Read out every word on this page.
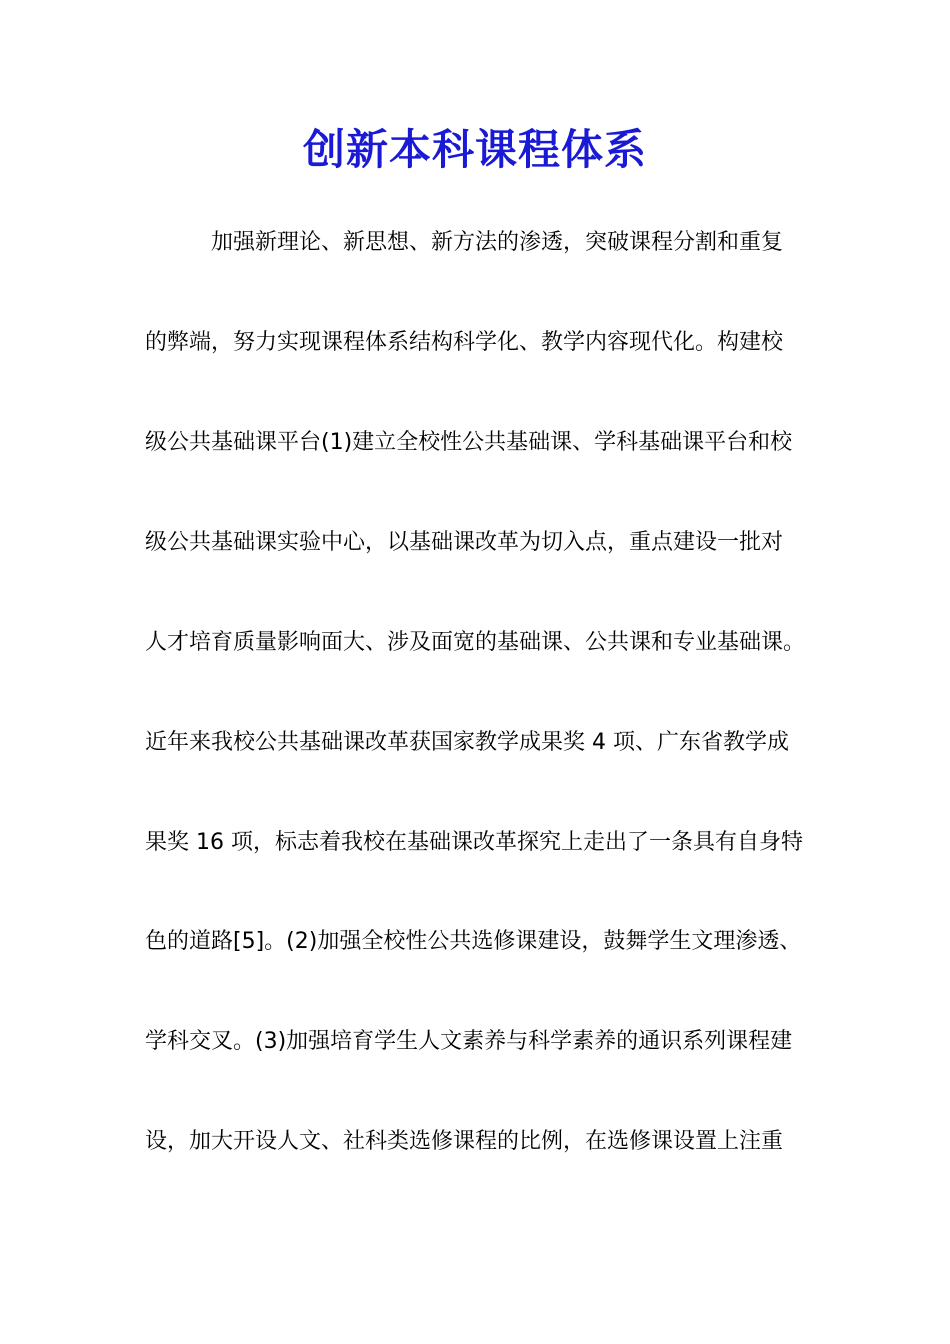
创新本科课程体系
加强新理论、新思想、新方法的渗透，突破课程分割和重复
的弊端，努力实现课程体系结构科学化、教学内容现代化。构建校
级公共基础课平台(1)建立全校性公共基础课、学科基础课平台和校
级公共基础课实验中心，以基础课改革为切入点，重点建设一批对
人才培育质量影响面大、涉及面宽的基础课、公共课和专业基础课。
近年来我校公共基础课改革获国家教学成果奖 4 项、广东省教学成
果奖 16 项，标志着我校在基础课改革探究上走出了一条具有自身特
色的道路[5]。(2)加强全校性公共选修课建设，鼓舞学生文理渗透、
学科交叉。(3)加强培育学生人文素养与科学素养的通识系列课程建
设，加大开设人文、社科类选修课程的比例，在选修课设置上注重
